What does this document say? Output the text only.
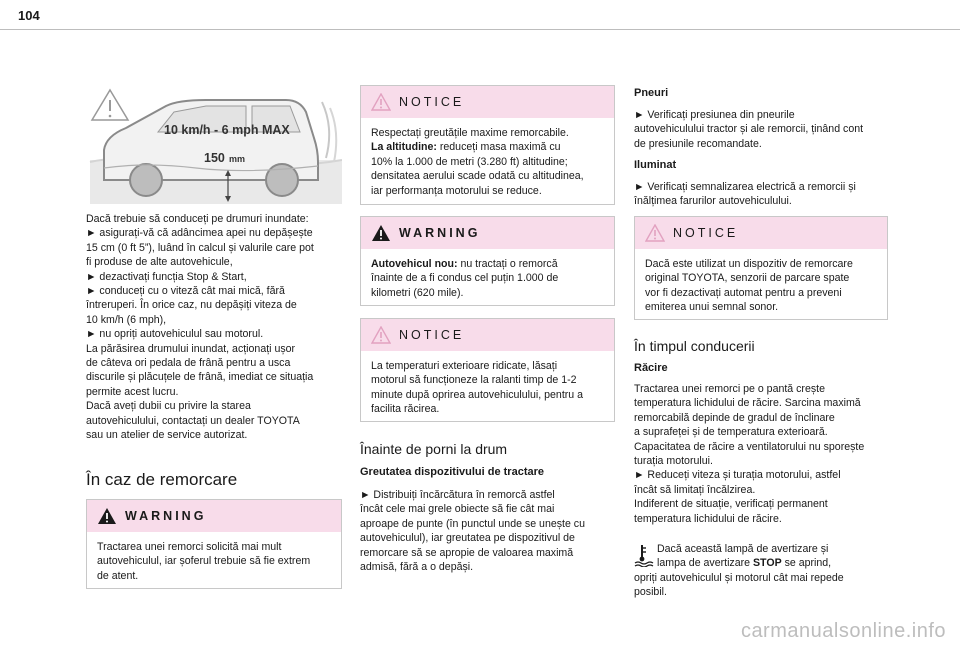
104
10 km/h - 6 mph MAX
150 mm
Dacă trebuie să conduceți pe drumuri inundate:
► asigurați-vă că adâncimea apei nu depășește
15 cm (0 ft 5”), luând în calcul și valurile care pot
fi produse de alte autovehicule,
► dezactivați funcția Stop & Start,
► conduceți cu o viteză cât mai mică, fără
întreruperi. În orice caz, nu depășiți viteza de
10 km/h (6 mph),
► nu opriți autovehiculul sau motorul.
La părăsirea drumului inundat, acționați ușor
de câteva ori pedala de frână pentru a usca
discurile și plăcuțele de frână, imediat ce situația
permite acest lucru.
Dacă aveți dubii cu privire la starea
autovehiculului, contactați un dealer TOYOTA
sau un atelier de service autorizat.
În caz de remorcare
WARNING
Tractarea unei remorci solicită mai mult
autovehiculul, iar șoferul trebuie să fie extrem
de atent.
NOTICE
Respectați greutățile maxime remorcabile.
La altitudine: reduceți masa maximă cu
10% la 1.000 de metri (3.280 ft) altitudine;
densitatea aerului scade odată cu altitudinea,
iar performanța motorului se reduce.
WARNING
Autovehicul nou: nu tractați o remorcă
înainte de a fi condus cel puțin 1.000 de
kilometri (620 mile).
NOTICE
La temperaturi exterioare ridicate, lăsați
motorul să funcționeze la ralanti timp de 1-2
minute după oprirea autovehiculului, pentru a
facilita răcirea.
Înainte de porni la drum
Greutatea dispozitivului de tractare
► Distribuiți încărcătura în remorcă astfel
încât cele mai grele obiecte să fie cât mai
aproape de punte (în punctul unde se unește cu
autovehiculul), iar greutatea pe dispozitivul de
remorcare să se apropie de valoarea maximă
admisă, fără a o depăși.
Pneuri
► Verificați presiunea din pneurile
autovehiculului tractor și ale remorcii, ținând cont
de presiunile recomandate.
Iluminat
► Verificați semnalizarea electrică a remorcii și
înălțimea farurilor autovehiculului.
NOTICE
Dacă este utilizat un dispozitiv de remorcare
original TOYOTA, senzorii de parcare spate
vor fi dezactivați automat pentru a preveni
emiterea unui semnal sonor.
În timpul conducerii
Răcire
Tractarea unei remorci pe o pantă crește
temperatura lichidului de răcire. Sarcina maximă
remorcabilă depinde de gradul de înclinare
a suprafeței și de temperatura exterioară.
Capacitatea de răcire a ventilatorului nu sporește
turația motorului.
► Reduceți viteza și turația motorului, astfel
încât să limitați încălzirea.
Indiferent de situație, verificați permanent
temperatura lichidului de răcire.
Dacă această lampă de avertizare și
lampa de avertizare STOP se aprind,
opriți autovehiculul și motorul cât mai repede
posibil.
carmanualsonline.info
